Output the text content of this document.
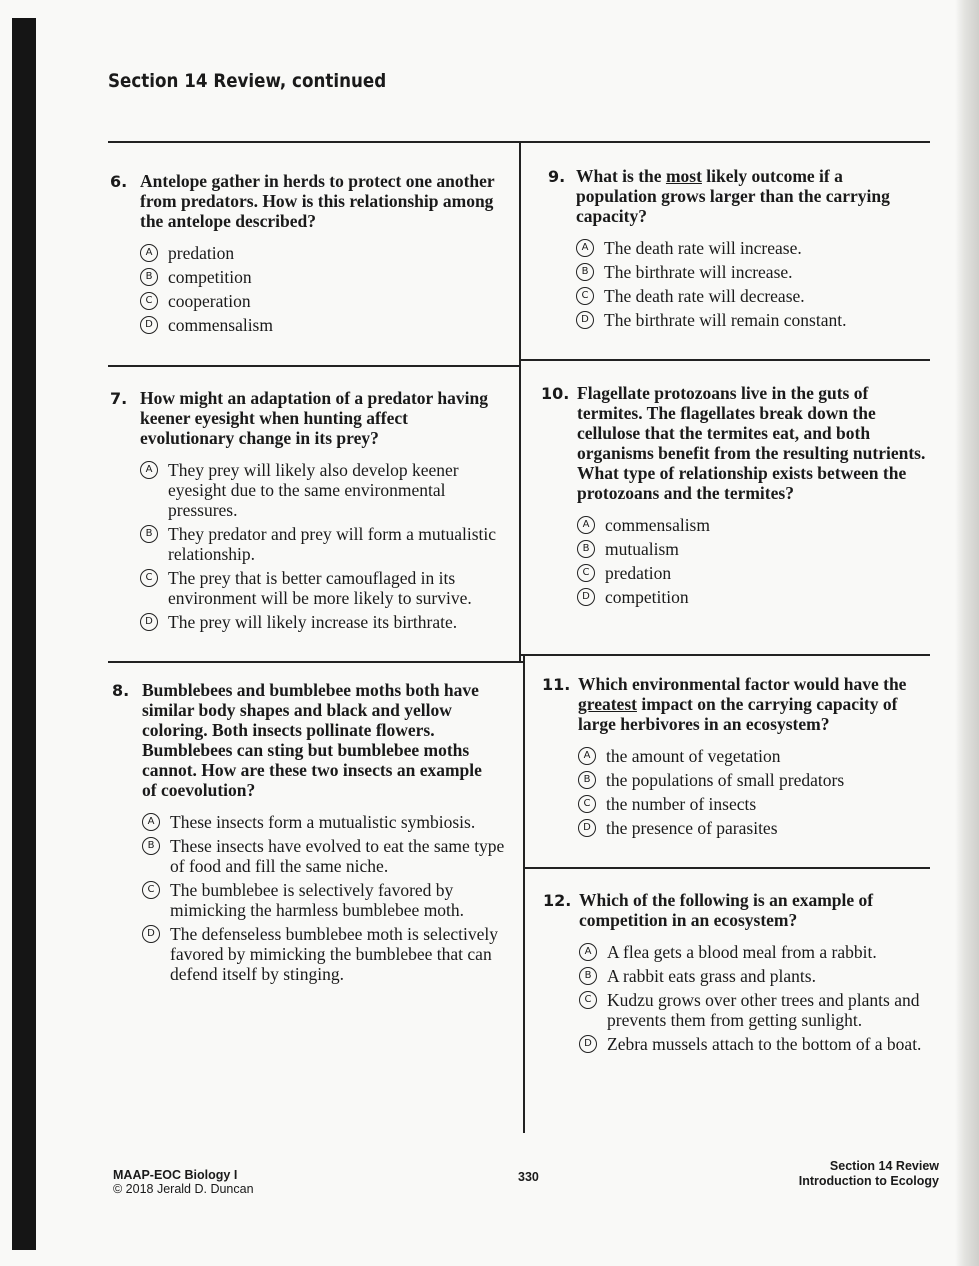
Section 14 Review, continued
6. Antelope gather in herds to protect one another from predators. How is this relationship among the antelope described?
A predation
B competition
C cooperation
D commensalism
7. How might an adaptation of a predator having keener eyesight when hunting affect evolutionary change in its prey?
A They prey will likely also develop keener eyesight due to the same environmental pressures.
B They predator and prey will form a mutualistic relationship.
C The prey that is better camouflaged in its environment will be more likely to survive.
D The prey will likely increase its birthrate.
8. Bumblebees and bumblebee moths both have similar body shapes and black and yellow coloring. Both insects pollinate flowers. Bumblebees can sting but bumblebee moths cannot. How are these two insects an example of coevolution?
A These insects form a mutualistic symbiosis.
B These insects have evolved to eat the same type of food and fill the same niche.
C The bumblebee is selectively favored by mimicking the harmless bumblebee moth.
D The defenseless bumblebee moth is selectively favored by mimicking the bumblebee that can defend itself by stinging.
9. What is the most likely outcome if a population grows larger than the carrying capacity?
A The death rate will increase.
B The birthrate will increase.
C The death rate will decrease.
D The birthrate will remain constant.
10. Flagellate protozoans live in the guts of termites. The flagellates break down the cellulose that the termites eat, and both organisms benefit from the resulting nutrients. What type of relationship exists between the protozoans and the termites?
A commensalism
B mutualism
C predation
D competition
11. Which environmental factor would have the greatest impact on the carrying capacity of large herbivores in an ecosystem?
A the amount of vegetation
B the populations of small predators
C the number of insects
D the presence of parasites
12. Which of the following is an example of competition in an ecosystem?
A A flea gets a blood meal from a rabbit.
B A rabbit eats grass and plants.
C Kudzu grows over other trees and plants and prevents them from getting sunlight.
D Zebra mussels attach to the bottom of a boat.
MAAP-EOC Biology I
© 2018 Jerald D. Duncan
330
Section 14 Review
Introduction to Ecology
